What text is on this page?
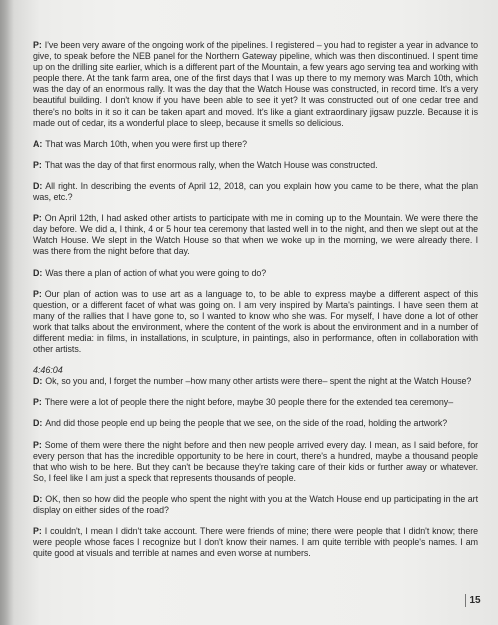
P: I've been very aware of the ongoing work of the pipelines. I registered – you had to register a year in advance to give, to speak before the NEB panel for the Northern Gateway pipeline, which was then discontinued. I spent time up on the drilling site earlier, which is a different part of the Mountain, a few years ago serving tea and working with people there. At the tank farm area, one of the first days that I was up there to my memory was March 10th, which was the day of an enormous rally. It was the day that the Watch House was constructed, in record time. It's a very beautiful building. I don't know if you have been able to see it yet? It was constructed out of one cedar tree and there's no bolts in it so it can be taken apart and moved. It's like a giant extraordinary jigsaw puzzle. Because it is made out of cedar, its a wonderful place to sleep, because it smells so delicious.

A: That was March 10th, when you were first up there?

P: That was the day of that first enormous rally, when the Watch House was constructed.

D: All right. In describing the events of April 12, 2018, can you explain how you came to be there, what the plan was, etc.?

P: On April 12th, I had asked other artists to participate with me in coming up to the Mountain. We were there the day before. We did a, I think, 4 or 5 hour tea ceremony that lasted well in to the night, and then we slept out at the Watch House. We slept in the Watch House so that when we woke up in the morning, we were already there. I was there from the night before that day.

D: Was there a plan of action of what you were going to do?

P: Our plan of action was to use art as a language to, to be able to express maybe a different aspect of this question, or a different facet of what was going on. I am very inspired by Marta's paintings. I have seen them at many of the rallies that I have gone to, so I wanted to know who she was. For myself, I have done a lot of other work that talks about the environment, where the content of the work is about the environment and in a number of different media: in films, in installations, in sculpture, in paintings, also in performance, often in collaboration with other artists.

4:46:04
D: Ok, so you and, I forget the number –how many other artists were there– spent the night at the Watch House?

P: There were a lot of people there the night before, maybe 30 people there for the extended tea ceremony–

D: And did those people end up being the people that we see, on the side of the road, holding the artwork?

P: Some of them were there the night before and then new people arrived every day. I mean, as I said before, for every person that has the incredible opportunity to be here in court, there's a hundred, maybe a thousand people that who wish to be here. But they can't be because they're taking care of their kids or further away or whatever. So, I feel like I am just a speck that represents thousands of people.

D: OK, then so how did the people who spent the night with you at the Watch House end up participating in the art display on either sides of the road?

P: I couldn't, I mean I didn't take account. There were friends of mine; there were people that I didn't know; there were people whose faces I recognize but I don't know their names. I am quite terrible with people's names. I am quite good at visuals and terrible at names and even worse at numbers.

15
